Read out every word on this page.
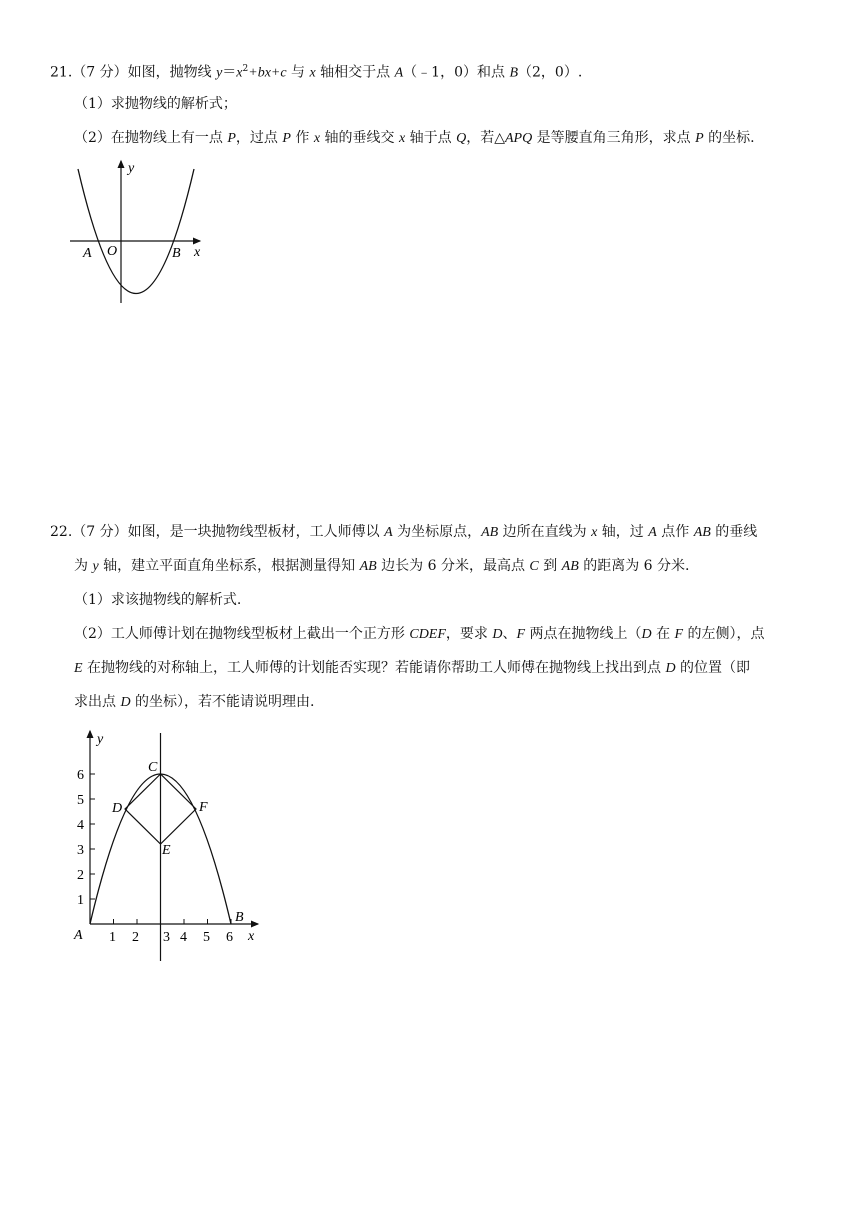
21.（7 分）如图，抛物线 $y=x^2+bx+c$ 与 x 轴相交于点 A（﹣1，0）和点 B（2，0）.
（1）求抛物线的解析式；
（2）在抛物线上有一点 P，过点 P 作 x 轴的垂线交 x 轴于点 Q，若△APQ 是等腰直角三角形，求点 P 的坐标.
y
x
A O	B
22.（7 分）如图，是一块抛物线型板材，工人师傅以 A 为坐标原点，AB 边所在直线为 x 轴，过 A 点作 AB 的垂线
为 y 轴，建立平面直角坐标系，根据测量得知 AB 边长为 6 分米，最高点 C 到 AB 的距离为 6 分米.
（1）求该抛物线的解析式.
（2）工人师傅计划在抛物线型板材上截出一个正方形 CDEF，要求 D、F 两点在抛物线上（D 在 F 的左侧），点
E 在抛物线的对称轴上，工人师傅的计划能否实现？若能请你帮助工人师傅在抛物线上找出到点 D 的位置（即
求出点 D 的坐标），若不能请说明理由.
1 2 3 4 5 6
1
2
3
4
5
6
y
x
A
B
C
D
E
F
